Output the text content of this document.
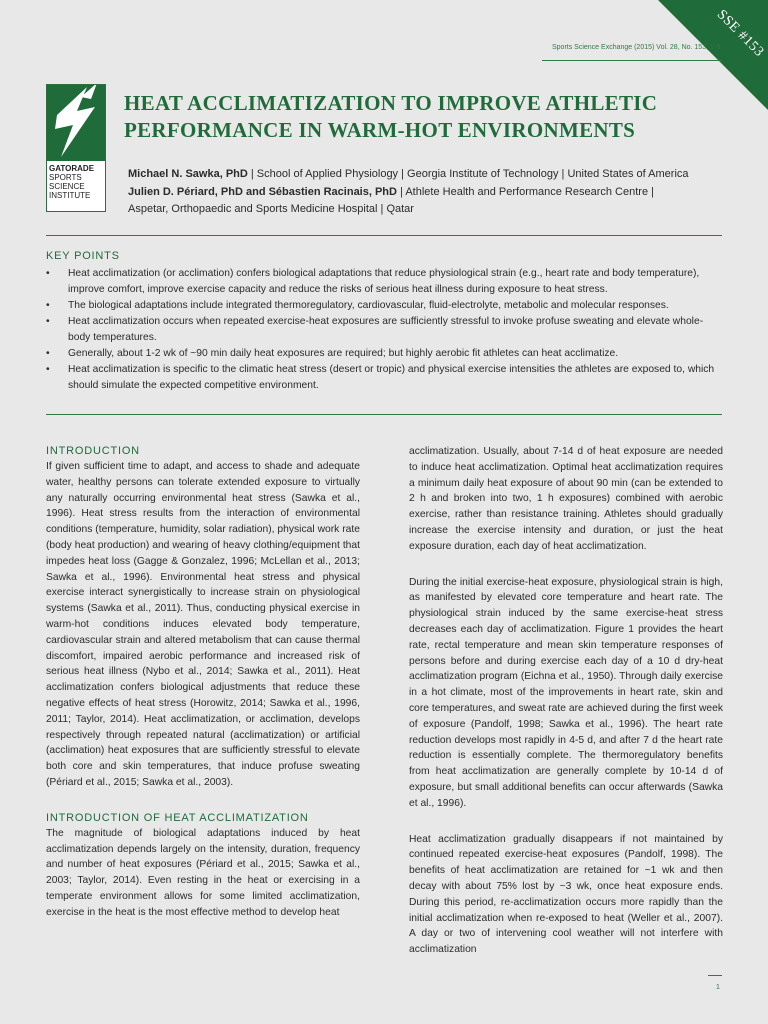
SSE #153
Sports Science Exchange (2015) Vol. 28, No. 153, 1-6
GATORADE
SPORTS
SCIENCE
INSTITUTE
HEAT ACCLIMATIZATION TO IMPROVE ATHLETIC PERFORMANCE IN WARM-HOT ENVIRONMENTS
Michael N. Sawka, PhD | School of Applied Physiology | Georgia Institute of Technology | United States of America
Julien D. Périard, PhD and Sébastien Racinais, PhD | Athlete Health and Performance Research Centre |
Aspetar, Orthopaedic and Sports Medicine Hospital | Qatar
KEY POINTS
• Heat acclimatization (or acclimation) confers biological adaptations that reduce physiological strain (e.g., heart rate and body temperature), improve comfort, improve exercise capacity and reduce the risks of serious heat illness during exposure to heat stress.
• The biological adaptations include integrated thermoregulatory, cardiovascular, fluid-electrolyte, metabolic and molecular responses.
• Heat acclimatization occurs when repeated exercise-heat exposures are sufficiently stressful to invoke profuse sweating and elevate whole-body temperatures.
• Generally, about 1-2 wk of ~90 min daily heat exposures are required; but highly aerobic fit athletes can heat acclimatize.
• Heat acclimatization is specific to the climatic heat stress (desert or tropic) and physical exercise intensities the athletes are exposed to, which should simulate the expected competitive environment.
INTRODUCTION

If given sufficient time to adapt, and access to shade and adequate water, healthy persons can tolerate extended exposure to virtually any naturally occurring environmental heat stress (Sawka et al., 1996). Heat stress results from the interaction of environmental conditions (temperature, humidity, solar radiation), physical work rate (body heat production) and wearing of heavy clothing/equipment that impedes heat loss (Gagge & Gonzalez, 1996; McLellan et al., 2013; Sawka et al., 1996). Environmental heat stress and physical exercise interact synergistically to increase strain on physiological systems (Sawka et al., 2011). Thus, conducting physical exercise in warm-hot conditions induces elevated body temperature, cardiovascular strain and altered metabolism that can cause thermal discomfort, impaired aerobic performance and increased risk of serious heat illness (Nybo et al., 2014; Sawka et al., 2011). Heat acclimatization confers biological adjustments that reduce these negative effects of heat stress (Horowitz, 2014; Sawka et al., 1996, 2011; Taylor, 2014). Heat acclimatization, or acclimation, develops respectively through repeated natural (acclimatization) or artificial (acclimation) heat exposures that are sufficiently stressful to elevate both core and skin temperatures, that induce profuse sweating (Périard et al., 2015; Sawka et al., 2003).

INTRODUCTION OF HEAT ACCLIMATIZATION

The magnitude of biological adaptations induced by heat acclimatization depends largely on the intensity, duration, frequency and number of heat exposures (Périard et al., 2015; Sawka et al., 2003; Taylor, 2014). Even resting in the heat or exercising in a temperate environment allows for some limited acclimatization, exercise in the heat is the most effective method to develop heat

acclimatization. Usually, about 7-14 d of heat exposure are needed to induce heat acclimatization. Optimal heat acclimatization requires a minimum daily heat exposure of about 90 min (can be extended to 2 h and broken into two, 1 h exposures) combined with aerobic exercise, rather than resistance training. Athletes should gradually increase the exercise intensity and duration, or just the heat exposure duration, each day of heat acclimatization.

During the initial exercise-heat exposure, physiological strain is high, as manifested by elevated core temperature and heart rate. The physiological strain induced by the same exercise-heat stress decreases each day of acclimatization. Figure 1 provides the heart rate, rectal temperature and mean skin temperature responses of persons before and during exercise each day of a 10 d dry-heat acclimatization program (Eichna et al., 1950). Through daily exercise in a hot climate, most of the improvements in heart rate, skin and core temperatures, and sweat rate are achieved during the first week of exposure (Pandolf, 1998; Sawka et al., 1996). The heart rate reduction develops most rapidly in 4-5 d, and after 7 d the heart rate reduction is essentially complete. The thermoregulatory benefits from heat acclimatization are generally complete by 10-14 d of exposure, but small additional benefits can occur afterwards (Sawka et al., 1996).

Heat acclimatization gradually disappears if not maintained by continued repeated exercise-heat exposures (Pandolf, 1998). The benefits of heat acclimatization are retained for ~1 wk and then decay with about 75% lost by ~3 wk, once heat exposure ends. During this period, re-acclimatization occurs more rapidly than the initial acclimatization when re-exposed to heat (Weller et al., 2007). A day or two of intervening cool weather will not interfere with acclimatization

1
